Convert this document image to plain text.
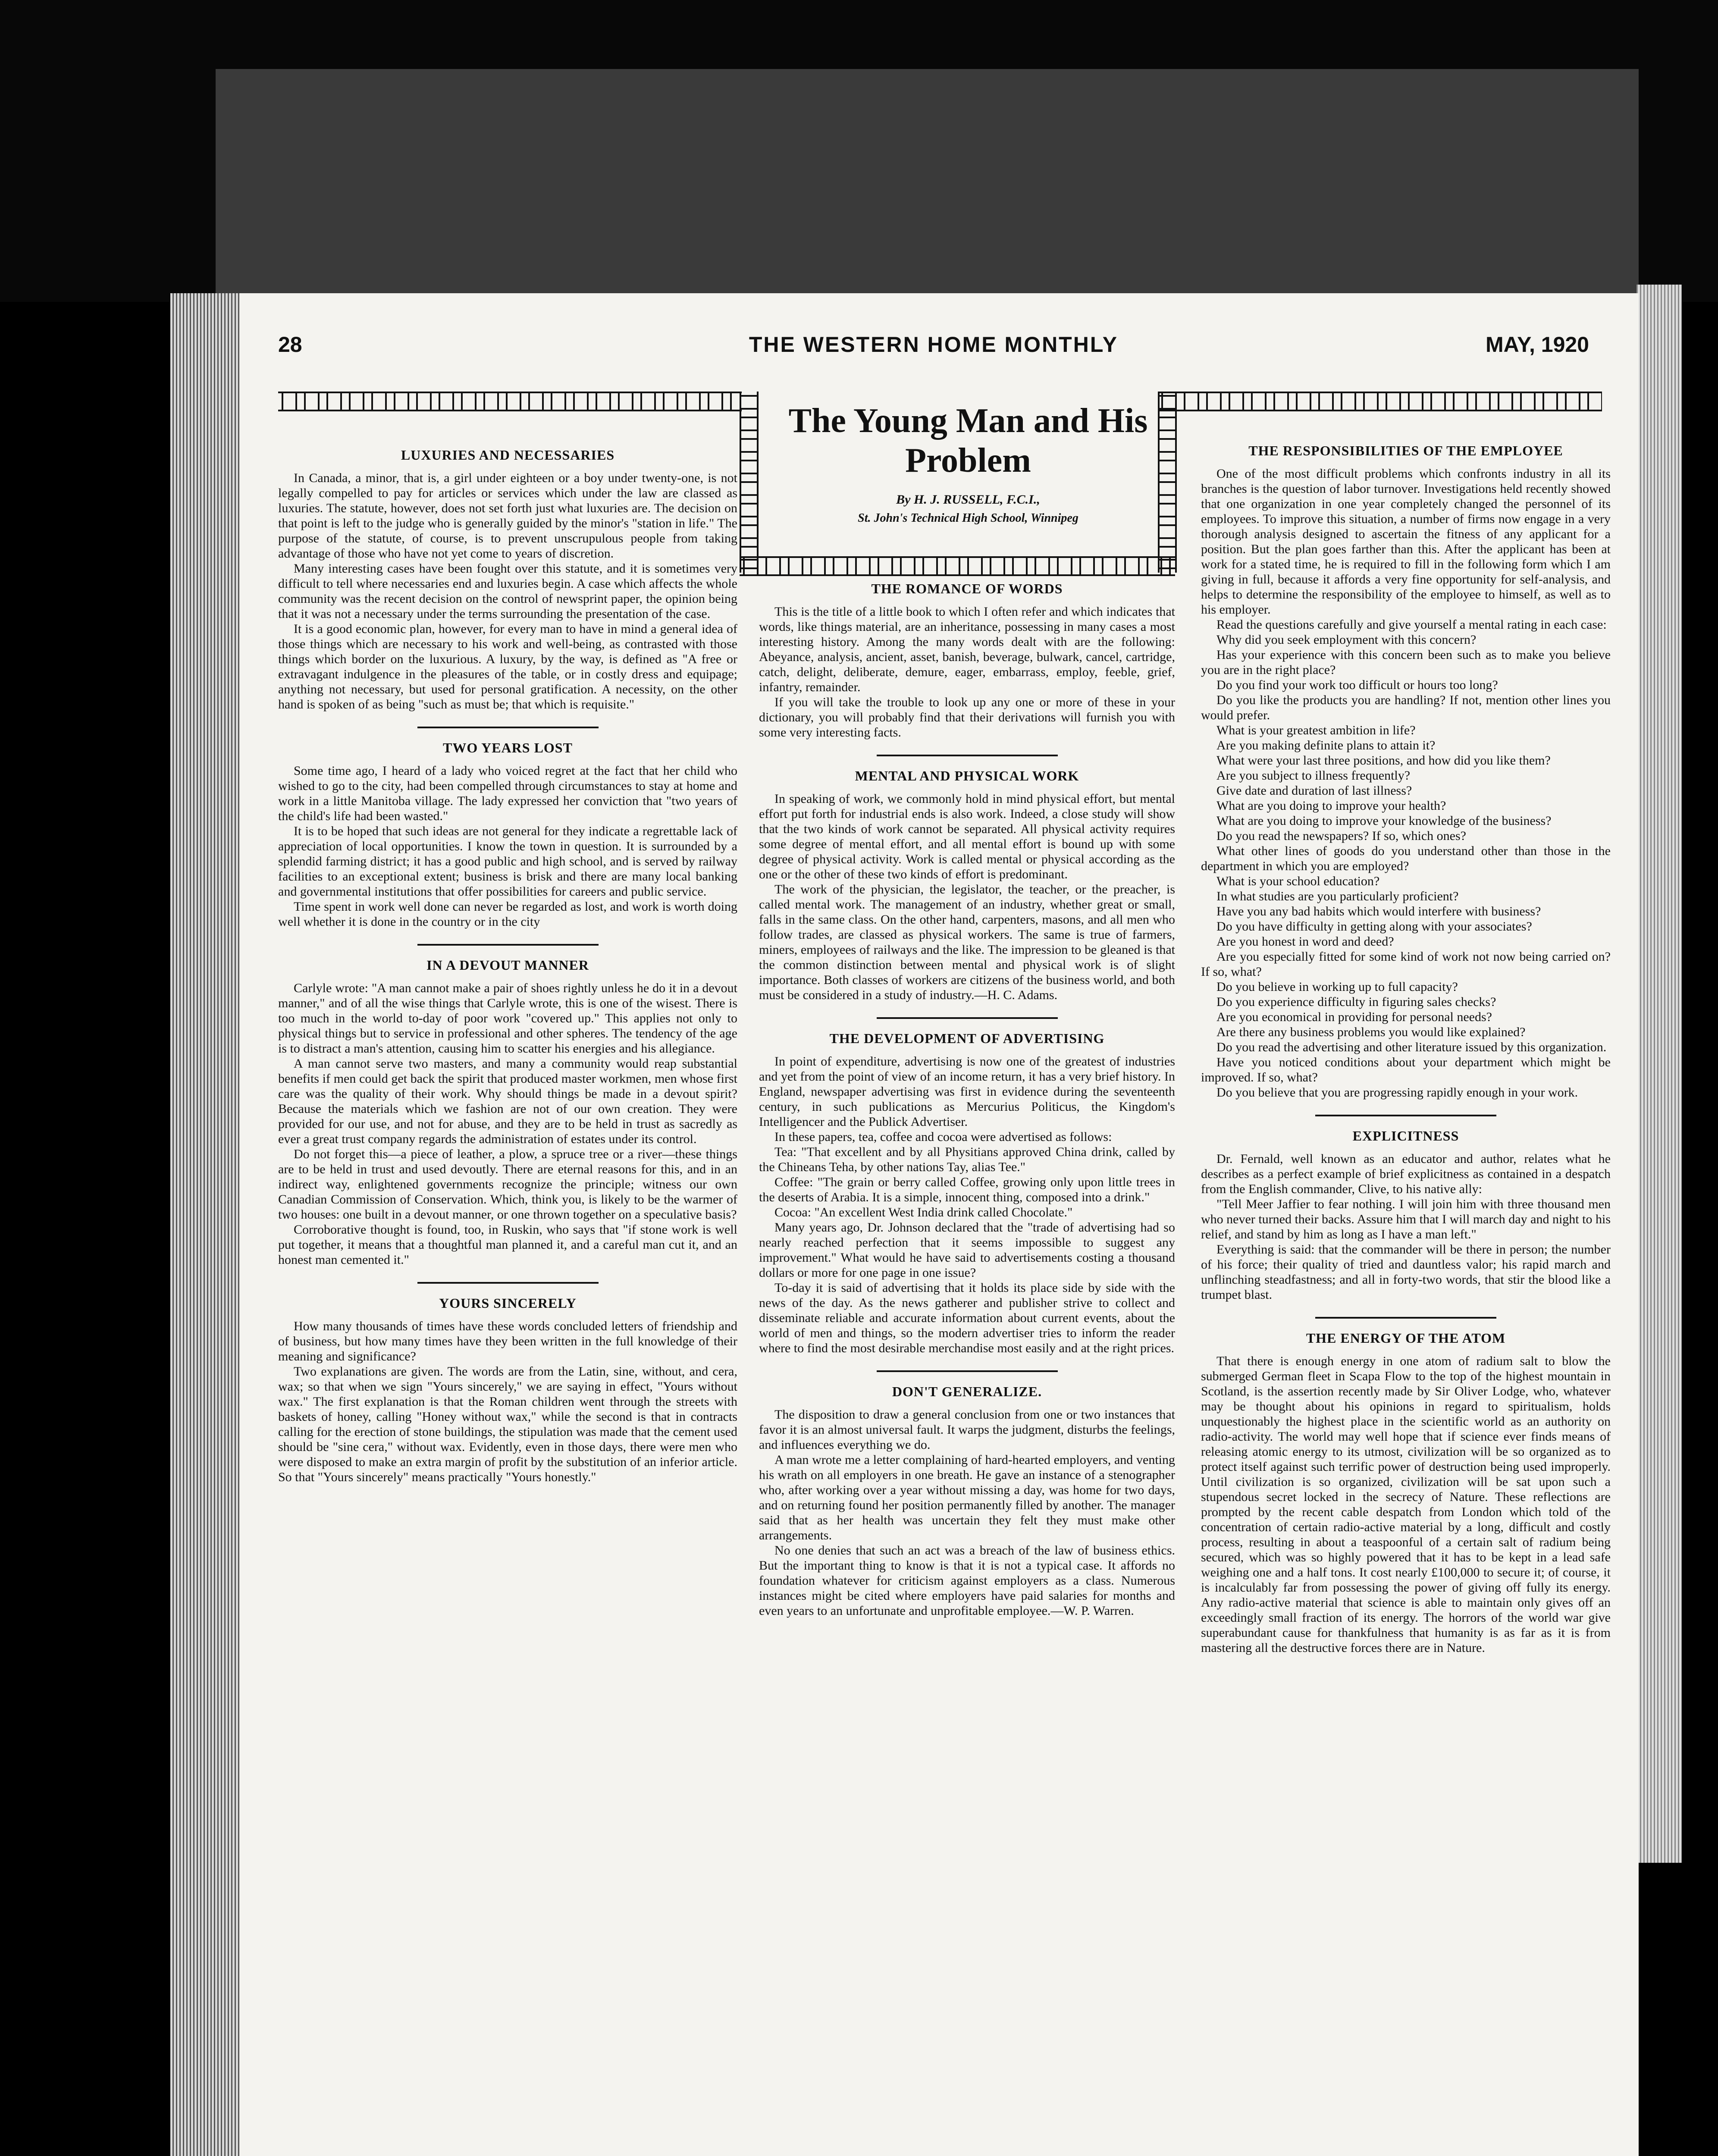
28	THE WESTERN HOME MONTHLY	MAY, 1920
The Young Man and His Problem
By H. J. RUSSELL, F.C.I.,
St. John's Technical High School, Winnipeg
LUXURIES AND NECESSARIES

In Canada, a minor, that is, a girl under eighteen or a boy under twenty-one, is not legally compelled to pay for articles or services which under the law are classed as luxuries. The statute, however, does not set forth just what luxuries are. The decision on that point is left to the judge who is generally guided by the minor's "station in life." The purpose of the statute, of course, is to prevent unscrupulous people from taking advantage of those who have not yet come to years of discretion.

Many interesting cases have been fought over this statute, and it is sometimes very difficult to tell where necessaries end and luxuries begin. A case which affects the whole community was the recent decision on the control of newsprint paper, the opinion being that it was not a necessary under the terms surrounding the presentation of the case.

It is a good economic plan, however, for every man to have in mind a general idea of those things which are necessary to his work and well-being, as contrasted with those things which border on the luxurious. A luxury, by the way, is defined as "A free or extravagant indulgence in the pleasures of the table, or in costly dress and equipage; anything not necessary, but used for personal gratification. A necessity, on the other hand is spoken of as being "such as must be; that which is requisite."

TWO YEARS LOST

Some time ago, I heard of a lady who voiced regret at the fact that her child who wished to go to the city, had been compelled through circumstances to stay at home and work in a little Manitoba village. The lady expressed her conviction that "two years of the child's life had been wasted."

It is to be hoped that such ideas are not general for they indicate a regrettable lack of appreciation of local opportunities. I know the town in question. It is surrounded by a splendid farming district; it has a good public and high school, and is served by railway facilities to an exceptional extent; business is brisk and there are many local banking and governmental institutions that offer possibilities for careers and public service.

Time spent in work well done can never be regarded as lost, and work is worth doing well whether it is done in the country or in the city

IN A DEVOUT MANNER

Carlyle wrote: "A man cannot make a pair of shoes rightly unless he do it in a devout manner," and of all the wise things that Carlyle wrote, this is one of the wisest. There is too much in the world to-day of poor work "covered up." This applies not only to physical things but to service in professional and other spheres. The tendency of the age is to distract a man's attention, causing him to scatter his energies and his allegiance.

A man cannot serve two masters, and many a community would reap substantial benefits if men could get back the spirit that produced master workmen, men whose first care was the quality of their work. Why should things be made in a devout spirit? Because the materials which we fashion are not of our own creation. They were provided for our use, and not for abuse, and they are to be held in trust as sacredly as ever a great trust company regards the administration of estates under its control.

Do not forget this—a piece of leather, a plow, a spruce tree or a river—these things are to be held in trust and used devoutly. There are eternal reasons for this, and in an indirect way, enlightened governments recognize the principle; witness our own Canadian Commission of Conservation. Which, think you, is likely to be the warmer of two houses: one built in a devout manner, or one thrown together on a speculative basis?

Corroborative thought is found, too, in Ruskin, who says that "if stone work is well put together, it means that a thoughtful man planned it, and a careful man cut it, and an honest man cemented it."

YOURS SINCERELY

How many thousands of times have these words concluded letters of friendship and of business, but how many times have they been written in the full knowledge of their meaning and significance?

Two explanations are given. The words are from the Latin, sine, without, and cera, wax; so that when we sign "Yours sincerely," we are saying in effect, "Yours without wax." The first explanation is that the Roman children went through the streets with baskets of honey, calling "Honey without wax," while the second is that in contracts calling for the erection of stone buildings, the stipulation was made that the cement used should be "sine cera," without wax. Evidently, even in those days, there were men who were disposed to make an extra margin of profit by the substitution of an inferior article. So that "Yours sincerely" means practically "Yours honestly."

THE ROMANCE OF WORDS

This is the title of a little book to which I often refer and which indicates that words, like things material, are an inheritance, possessing in many cases a most interesting history. Among the many words dealt with are the following: Abeyance, analysis, ancient, asset, banish, beverage, bulwark, cancel, cartridge, catch, delight, deliberate, demure, eager, embarrass, employ, feeble, grief, infantry, remainder.

If you will take the trouble to look up any one or more of these in your dictionary, you will probably find that their derivations will furnish you with some very interesting facts.

MENTAL AND PHYSICAL WORK

In speaking of work, we commonly hold in mind physical effort, but mental effort put forth for industrial ends is also work. Indeed, a close study will show that the two kinds of work cannot be separated. All physical activity requires some degree of mental effort, and all mental effort is bound up with some degree of physical activity. Work is called mental or physical according as the one or the other of these two kinds of effort is predominant.

The work of the physician, the legislator, the teacher, or the preacher, is called mental work. The management of an industry, whether great or small, falls in the same class. On the other hand, carpenters, masons, and all men who follow trades, are classed as physical workers. The same is true of farmers, miners, employees of railways and the like. The impression to be gleaned is that the common distinction between mental and physical work is of slight importance. Both classes of workers are citizens of the business world, and both must be considered in a study of industry.—H. C. Adams.

THE DEVELOPMENT OF ADVERTISING

In point of expenditure, advertising is now one of the greatest of industries and yet from the point of view of an income return, it has a very brief history. In England, newspaper advertising was first in evidence during the seventeenth century, in such publications as Mercurius Politicus, the Kingdom's Intelligencer and the Publick Advertiser.

In these papers, tea, coffee and cocoa were advertised as follows:

Tea: "That excellent and by all Physitians approved China drink, called by the Chineans Teha, by other nations Tay, alias Tee."

Coffee: "The grain or berry called Coffee, growing only upon little trees in the deserts of Arabia. It is a simple, innocent thing, composed into a drink."

Cocoa: "An excellent West India drink called Chocolate."

Many years ago, Dr. Johnson declared that the "trade of advertising had so nearly reached perfection that it seems impossible to suggest any improvement." What would he have said to advertisements costing a thousand dollars or more for one page in one issue?

To-day it is said of advertising that it holds its place side by side with the news of the day. As the news gatherer and publisher strive to collect and disseminate reliable and accurate information about current events, about the world of men and things, so the modern advertiser tries to inform the reader where to find the most desirable merchandise most easily and at the right prices.

DON'T GENERALIZE.

The disposition to draw a general conclusion from one or two instances that favor it is an almost universal fault. It warps the judgment, disturbs the feelings, and influences everything we do.

A man wrote me a letter complaining of hard-hearted employers, and venting his wrath on all employers in one breath. He gave an instance of a stenographer who, after working over a year without missing a day, was home for two days, and on returning found her position permanently filled by another. The manager said that as her health was uncertain they felt they must make other arrangements.

No one denies that such an act was a breach of the law of business ethics. But the important thing to know is that it is not a typical case. It affords no foundation whatever for criticism against employers as a class. Numerous instances might be cited where employers have paid salaries for months and even years to an unfortunate and unprofitable employee.—W. P. Warren.

THE RESPONSIBILITIES OF THE EMPLOYEE

One of the most difficult problems which confronts industry in all its branches is the question of labor turnover. Investigations held recently showed that one organization in one year completely changed the personnel of its employees. To improve this situation, a number of firms now engage in a very thorough analysis designed to ascertain the fitness of any applicant for a position. But the plan goes farther than this. After the applicant has been at work for a stated time, he is required to fill in the following form which I am giving in full, because it affords a very fine opportunity for self-analysis, and helps to determine the responsibility of the employee to himself, as well as to his employer.

Read the questions carefully and give yourself a mental rating in each case:

Why did you seek employment with this concern?

Has your experience with this concern been such as to make you believe you are in the right place?

Do you find your work too difficult or hours too long?

Do you like the products you are handling? If not, mention other lines you would prefer.

What is your greatest ambition in life?

Are you making definite plans to attain it?

What were your last three positions, and how did you like them?

Are you subject to illness frequently?

Give date and duration of last illness?

What are you doing to improve your health?

What are you doing to improve your knowledge of the business?

Do you read the newspapers? If so, which ones?

What other lines of goods do you understand other than those in the department in which you are employed?

What is your school education?

In what studies are you particularly proficient?

Have you any bad habits which would interfere with business?

Do you have difficulty in getting along with your associates?

Are you honest in word and deed?

Are you especially fitted for some kind of work not now being carried on? If so, what?

Do you believe in working up to full capacity?

Do you experience difficulty in figuring sales checks?

Are you economical in providing for personal needs?

Are there any business problems you would like explained?

Do you read the advertising and other literature issued by this organization.

Have you noticed conditions about your department which might be improved. If so, what?

Do you believe that you are progressing rapidly enough in your work.

EXPLICITNESS

Dr. Fernald, well known as an educator and author, relates what he describes as a perfect example of brief explicitness as contained in a despatch from the English commander, Clive, to his native ally:

"Tell Meer Jaffier to fear nothing. I will join him with three thousand men who never turned their backs. Assure him that I will march day and night to his relief, and stand by him as long as I have a man left."

Everything is said: that the commander will be there in person; the number of his force; their quality of tried and dauntless valor; his rapid march and unflinching steadfastness; and all in forty-two words, that stir the blood like a trumpet blast.

THE ENERGY OF THE ATOM

That there is enough energy in one atom of radium salt to blow the submerged German fleet in Scapa Flow to the top of the highest mountain in Scotland, is the assertion recently made by Sir Oliver Lodge, who, whatever may be thought about his opinions in regard to spiritualism, holds unquestionably the highest place in the scientific world as an authority on radio-activity. The world may well hope that if science ever finds means of releasing atomic energy to its utmost, civilization will be so organized as to protect itself against such terrific power of destruction being used improperly. Until civilization is so organized, civilization will be sat upon such a stupendous secret locked in the secrecy of Nature. These reflections are prompted by the recent cable despatch from London which told of the concentration of certain radio-active material by a long, difficult and costly process, resulting in about a teaspoonful of a certain salt of radium being secured, which was so highly powered that it has to be kept in a lead safe weighing one and a half tons. It cost nearly £100,000 to secure it; of course, it is incalculably far from possessing the power of giving off fully its energy. Any radio-active material that science is able to maintain only gives off an exceedingly small fraction of its energy. The horrors of the world war give superabundant cause for thankfulness that humanity is as far as it is from mastering all the destructive forces there are in Nature.
